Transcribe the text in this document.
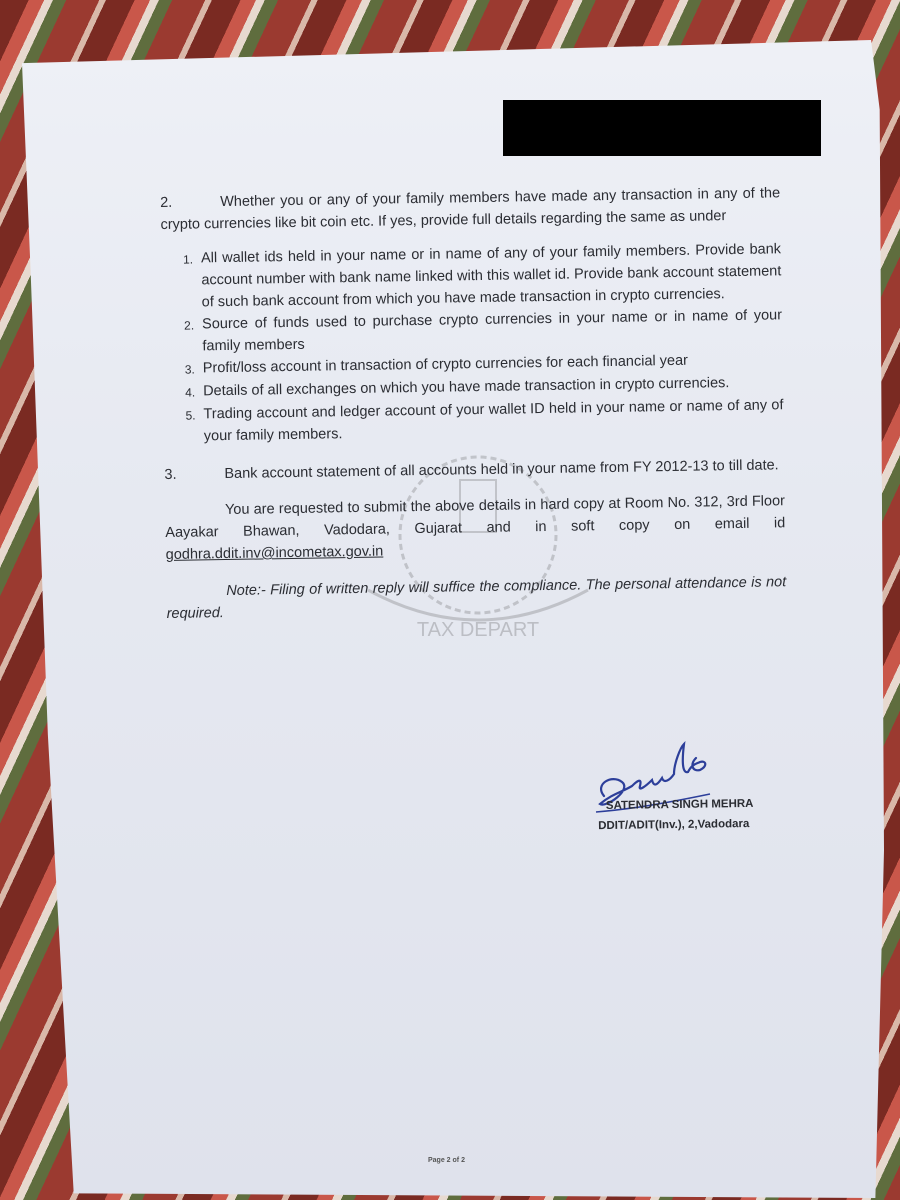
TAX DEPART

2.	Whether you or any of your family members have made any transaction in any of the crypto currencies like bit coin etc. If yes, provide full details regarding the same as under

1. All wallet ids held in your name or in name of any of your family members. Provide bank account number with bank name linked with this wallet id. Provide bank account statement of such bank account from which you have made transaction in crypto currencies.
2. Source of funds used to purchase crypto currencies in your name or in name of your family members
3. Profit/loss account in transaction of crypto currencies for each financial year
4. Details of all exchanges on which you have made transaction in crypto currencies.
5. Trading account and ledger account of your wallet ID held in your name or name of any of your family members.

3.	Bank account statement of all accounts held in your name from FY 2012-13 to till date.

You are requested to submit the above details in hard copy at Room No. 312, 3rd Floor Aayakar Bhawan, Vadodara, Gujarat and in soft copy on email id godhra.ddit.inv@incometax.gov.in

Note:- Filing of written reply will suffice the compliance. The personal attendance is not required.

SATENDRA SINGH MEHRA
DDIT/ADIT(Inv.), 2,Vadodara
Page 2 of 2
